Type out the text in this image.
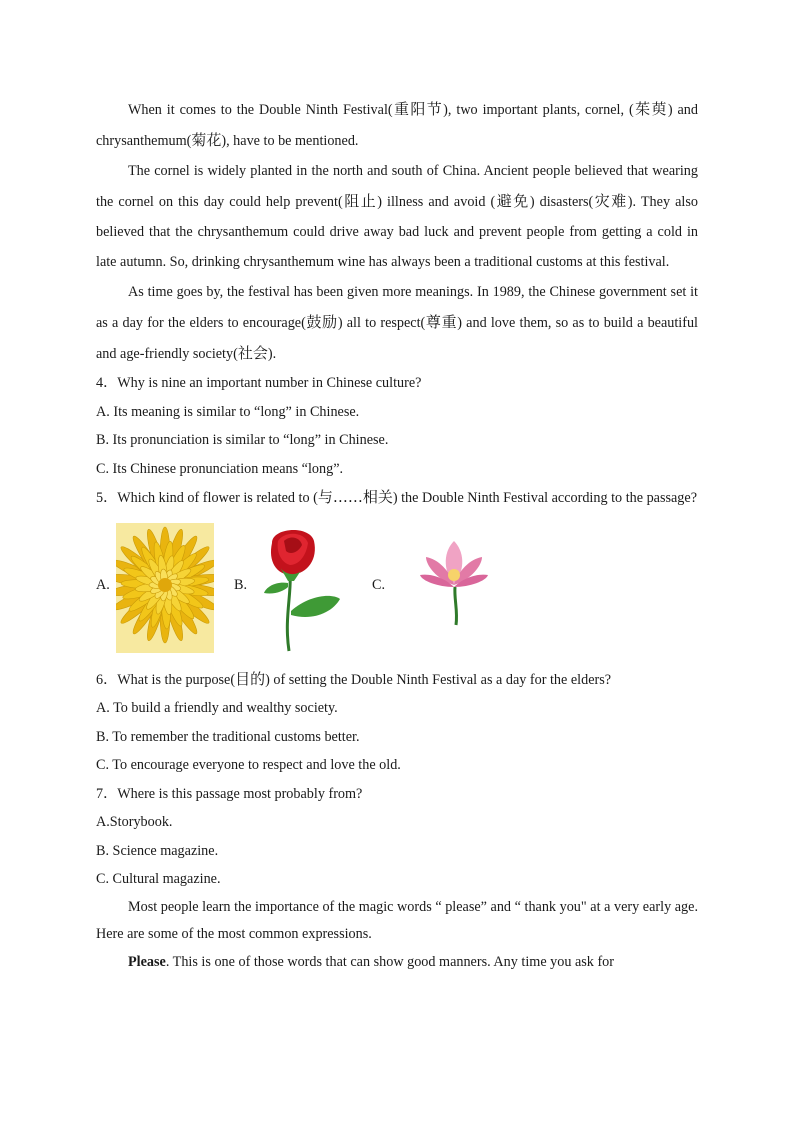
When it comes to the Double Ninth Festival(重阳节), two important plants, cornel, (茱萸) and chrysanthemum(菊花), have to be mentioned.

The cornel is widely planted in the north and south of China. Ancient people believed that wearing the cornel on this day could help prevent(阻止) illness and avoid (避免) disasters(灾难). They also believed that the chrysanthemum could drive away bad luck and prevent people from getting a cold in late autumn. So, drinking chrysanthemum wine has always been a traditional customs at this festival.

As time goes by, the festival has been given more meanings. In 1989, the Chinese government set it as a day for the elders to encourage(鼓励) all to respect(尊重) and love them, so as to build a beautiful and age-friendly society(社会).

4．Why is nine an important number in Chinese culture?

A. Its meaning is similar to “long” in Chinese.

B. Its pronunciation is similar to “long” in Chinese.

C. Its Chinese pronunciation means “long”.

5．Which kind of flower is related to (与……相关) the Double Ninth Festival according to the passage?

A.	B.	C.

6．What is the purpose(目的) of setting the Double Ninth Festival as a day for the elders?

A. To build a friendly and wealthy society.

B. To remember the traditional customs better.

C. To encourage everyone to respect and love the old.

7．Where is this passage most probably from?

A.Storybook.

B. Science magazine.

C. Cultural magazine.

Most people learn the importance of the magic words “ please” and “ thank you" at a very early age. Here are some of the most common expressions.

Please. This is one of those words that can show good manners. Any time you ask for
